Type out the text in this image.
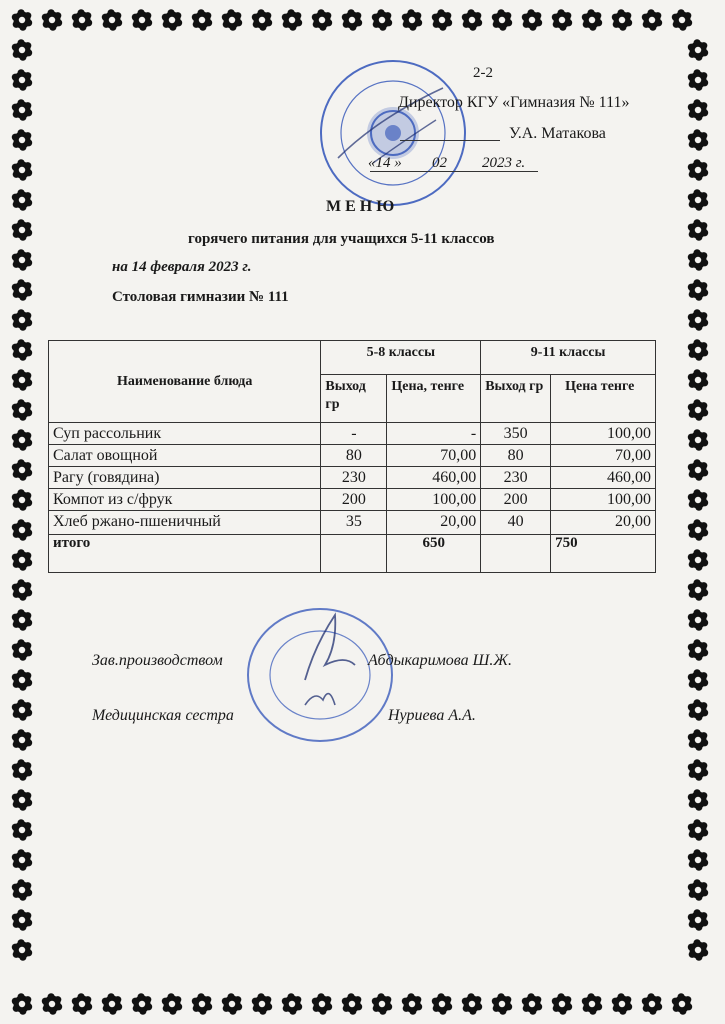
2-2
Директор КГУ «Гимназия № 111»
У.А. Матакова
«14 » 02 2023 г.
М Е Н Ю
горячего питания для учащихся 5-11 классов
на 14 февраля 2023 г.
Столовая гимназии № 111
Наименование блюда	5-8 классы		9-11 классы	
	Выход гр	Цена, тенге	Выход гр	Цена тенге
Суп рассольник	-	-	350	100,00
Салат овощной	80	70,00	80	70,00
Рагу (говядина)	230	460,00	230	460,00
Компот из с/фрук	200	100,00	200	100,00
Хлеб ржано-пшеничный	35	20,00	40	20,00
итого		650		750
Зав.производством	Абдыкаримова Ш.Ж.
Медицинская сестра	Нуриева А.А.
